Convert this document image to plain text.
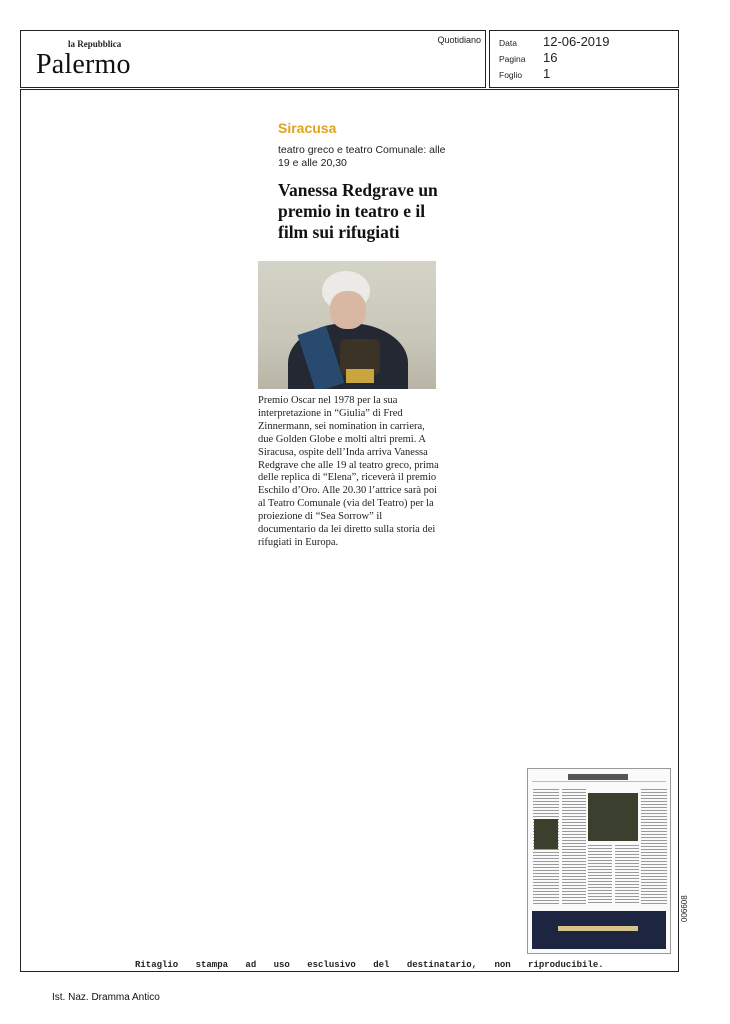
la Repubblica
Palermo
Quotidiano Data	12-06-2019
Pagina	16
Foglio	1
Siracusa
teatro greco e teatro Comunale: alle 19 e alle 20,30
Vanessa Redgrave un premio in teatro e il film sui rifugiati
Premio Oscar nel 1978 per la sua interpretazione in “Giulia” di Fred Zinnermann, sei nomination in carriera, due Golden Globe e molti altri premi. A Siracusa, ospite dell’Inda arriva Vanessa Redgrave che alle 19 al teatro greco, prima delle replica di “Elena”, riceverà il premio Eschilo d’Oro. Alle 20.30 l’attrice sarà poi al Teatro Comunale (via del Teatro) per la proiezione di “Sea Sorrow” il documentario da lei diretto sulla storia dei rifugiati in Europa.
006608
Ritaglio stampa ad uso esclusivo del destinatario, non riproducibile.
Ist. Naz. Dramma Antico
